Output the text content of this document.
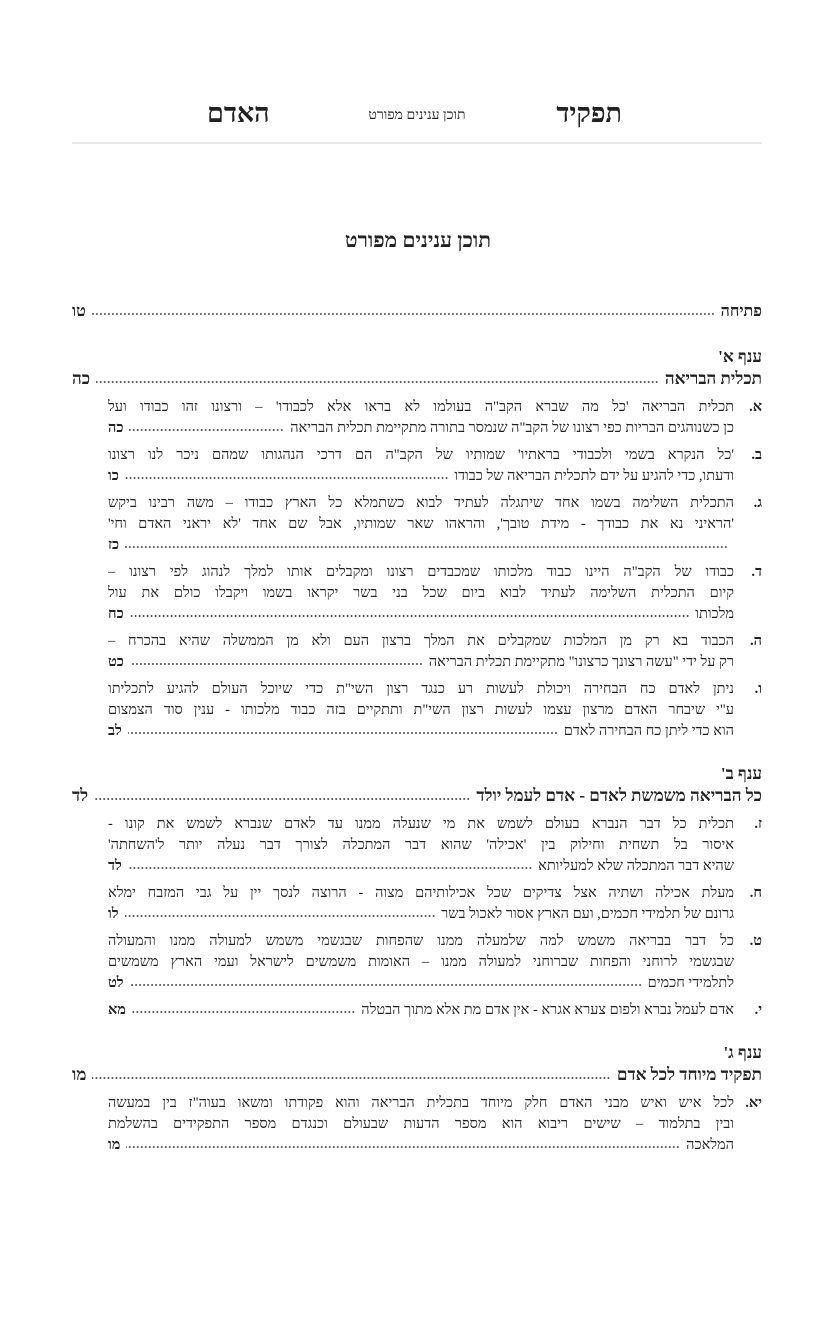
תפקיד
תוכן ענינים מפורט
האדם
תוכן ענינים מפורט
פתיחה
טו
ענף א'
תכלית הבריאה
כה
א.
תכלית הבריאה 'כל מה שברא הקב"ה בעולמו לא בראו אלא לכבודו' – ורצונו זהו כבודו ועל
כן כשנוהגים הבריות כפי רצונו של הקב"ה שנמסר בתורה מתקיימת תכלית הבריאה
כה
ב.
'כל הנקרא בשמי ולכבודי בראתיו' שמותיו של הקב"ה הם דרכי הנהגותו שמהם ניכר לנו רצונו
ודעתו, כדי להגיע על ידם לתכלית הבריאה של כבודו
כו
ג.
התכלית השלימה בשמו אחד שיתגלה לעתיד לבוא כשתמלא כל הארץ כבודו – משה רבינו ביקש
'הראיני נא את כבודך - מידת טובך', והראהו שאר שמותיו, אבל שם אחד 'לא יראני האדם וחי'
כז
ד.
כבודו של הקב"ה היינו כבוד מלכותו שמכבדים רצונו ומקבלים אותו למלך לנהוג לפי רצונו –
קיום התכלית השלימה לעתיד לבוא ביום שכל בני בשר יקראו בשמו ויקבלו כולם את עול
מלכותו
כח
ה.
הכבוד בא רק מן המלכות שמקבלים את המלך ברצון העם ולא מן הממשלה שהיא בהכרח –
רק על ידי "עשה רצונך כרצונו" מתקיימת תכלית הבריאה
כט
ו.
ניתן לאדם כח הבחירה ויכולת לעשות רע כנגד רצון השי"ת כדי שיוכל העולם להגיע לתכליתו
ע"י שיבחר האדם מרצון עצמו לעשות רצון השי"ת ותתקיים בזה כבוד מלכותו - ענין סוד הצמצום
הוא כדי ליתן כח הבחירה לאדם
לב
ענף ב'
כל הבריאה משמשת לאדם - אדם לעמל יולד
לד
ז.
תכלית כל דבר הנברא בעולם לשמש את מי שנעלה ממנו עד לאדם שנברא לשמש את קונו -
איסור בל תשחית וחילוק בין 'אכילה' שהוא דבר המתכלה לצורך דבר נעלה יותר ל'השחתה'
שהיא דבר המתכלה שלא למעליותא
לד
ח.
מעלת אכילה ושתיה אצל צדיקים שכל אכילותיהם מצוה - הרוצה לנסך יין על גבי המזבח ימלא
גרונם של תלמידי חכמים, ועם הארץ אסור לאכול בשר
לו
ט.
כל דבר בבריאה משמש למה שלמעלה ממנו שהפחות שבגשמי משמש למעולה ממנו והמעולה
שבגשמי לרוחני והפחות שברוחני למעולה ממנו – האומות משמשים לישראל ועמי הארץ משמשים
לתלמידי חכמים
לט
י.
אדם לעמל נברא ולפום צערא אגרא - אין אדם מת אלא מתוך הבטלה
מא
ענף ג'
תפקיד מיוחד לכל אדם
מו
יא.
לכל איש ואיש מבני האדם חלק מיוחד בתכלית הבריאה והוא פקודתו ומשאו בעוה"ז בין במעשה
ובין בתלמוד – שישים ריבוא הוא מספר הדעות שבעולם וכנגדם מספר התפקידים בהשלמת
המלאכה
מו
